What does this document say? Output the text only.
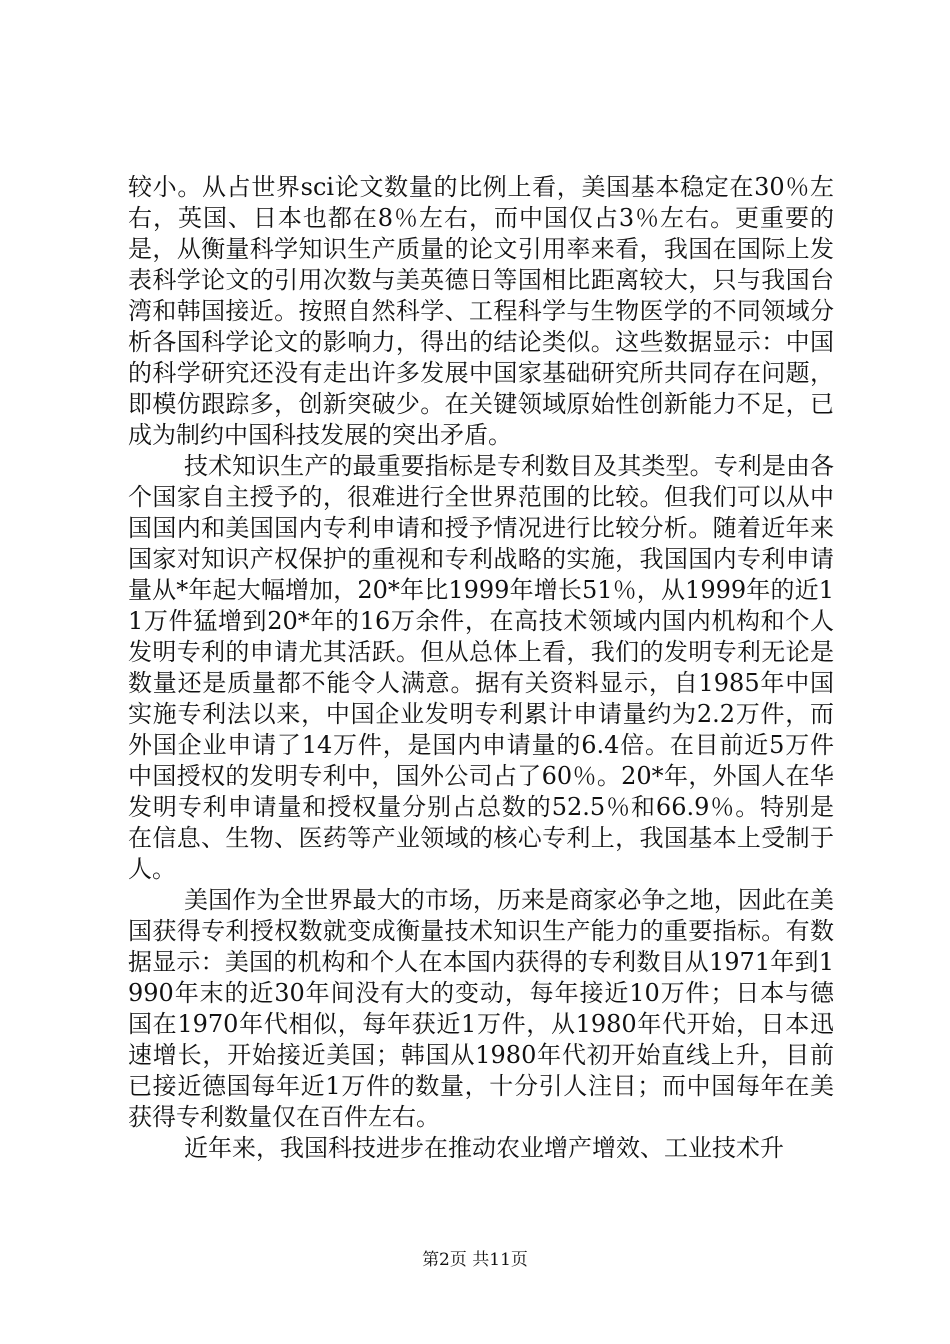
较小。从占世界sci论文数量的比例上看，美国基本稳定在30％左右，英国、日本也都在8％左右，而中国仅占3％左右。更重要的是，从衡量科学知识生产质量的论文引用率来看，我国在国际上发表科学论文的引用次数与美英德日等国相比距离较大，只与我国台湾和韩国接近。按照自然科学、工程科学与生物医学的不同领域分析各国科学论文的影响力，得出的结论类似。这些数据显示：中国的科学研究还没有走出许多发展中国家基础研究所共同存在问题，即模仿跟踪多，创新突破少。在关键领域原始性创新能力不足，已成为制约中国科技发展的突出矛盾。

技术知识生产的最重要指标是专利数目及其类型。专利是由各个国家自主授予的，很难进行全世界范围的比较。但我们可以从中国国内和美国国内专利申请和授予情况进行比较分析。随着近年来国家对知识产权保护的重视和专利战略的实施，我国国内专利申请量从*年起大幅增加，20*年比1999年增长51％，从1999年的近11万件猛增到20*年的16万余件，在高技术领域内国内机构和个人发明专利的申请尤其活跃。但从总体上看，我们的发明专利无论是数量还是质量都不能令人满意。据有关资料显示，自1985年中国实施专利法以来，中国企业发明专利累计申请量约为2.2万件，而外国企业申请了14万件，是国内申请量的6.4倍。在目前近5万件中国授权的发明专利中，国外公司占了60％。20*年，外国人在华发明专利申请量和授权量分别占总数的52.5％和66.9％。特别是在信息、生物、医药等产业领域的核心专利上，我国基本上受制于人。

美国作为全世界最大的市场，历来是商家必争之地，因此在美国获得专利授权数就变成衡量技术知识生产能力的重要指标。有数据显示：美国的机构和个人在本国内获得的专利数目从1971年到1990年末的近30年间没有大的变动，每年接近10万件；日本与德国在1970年代相似，每年获近1万件，从1980年代开始，日本迅速增长，开始接近美国；韩国从1980年代初开始直线上升，目前已接近德国每年近1万件的数量，十分引人注目；而中国每年在美获得专利数量仅在百件左右。

近年来，我国科技进步在推动农业增产增效、工业技术升

第2页 共11页
